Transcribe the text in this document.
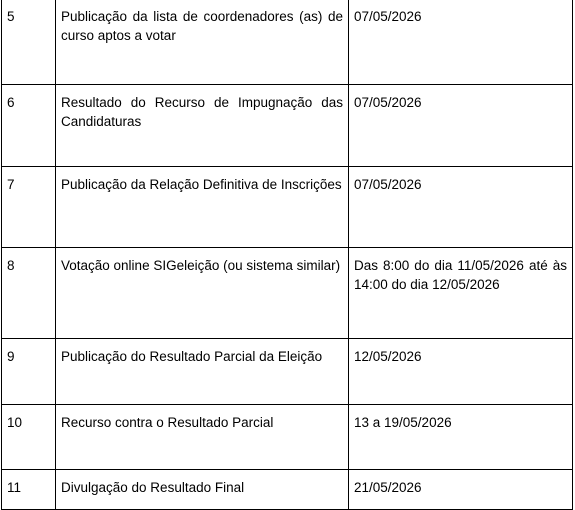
5	Publicação da lista de coordenadores (as) de curso aptos a votar	07/05/2026
6	Resultado do Recurso de Impugnação das Candidaturas	07/05/2026
7	Publicação da Relação Definitiva de Inscrições	07/05/2026
8	Votação online SIGeleição (ou sistema similar)	Das 8:00 do dia 11/05/2026 até às 14:00 do dia 12/05/2026
9	Publicação do Resultado Parcial da Eleição	12/05/2026
10	Recurso contra o Resultado Parcial	13 a 19/05/2026
11	Divulgação do Resultado Final	21/05/2026
